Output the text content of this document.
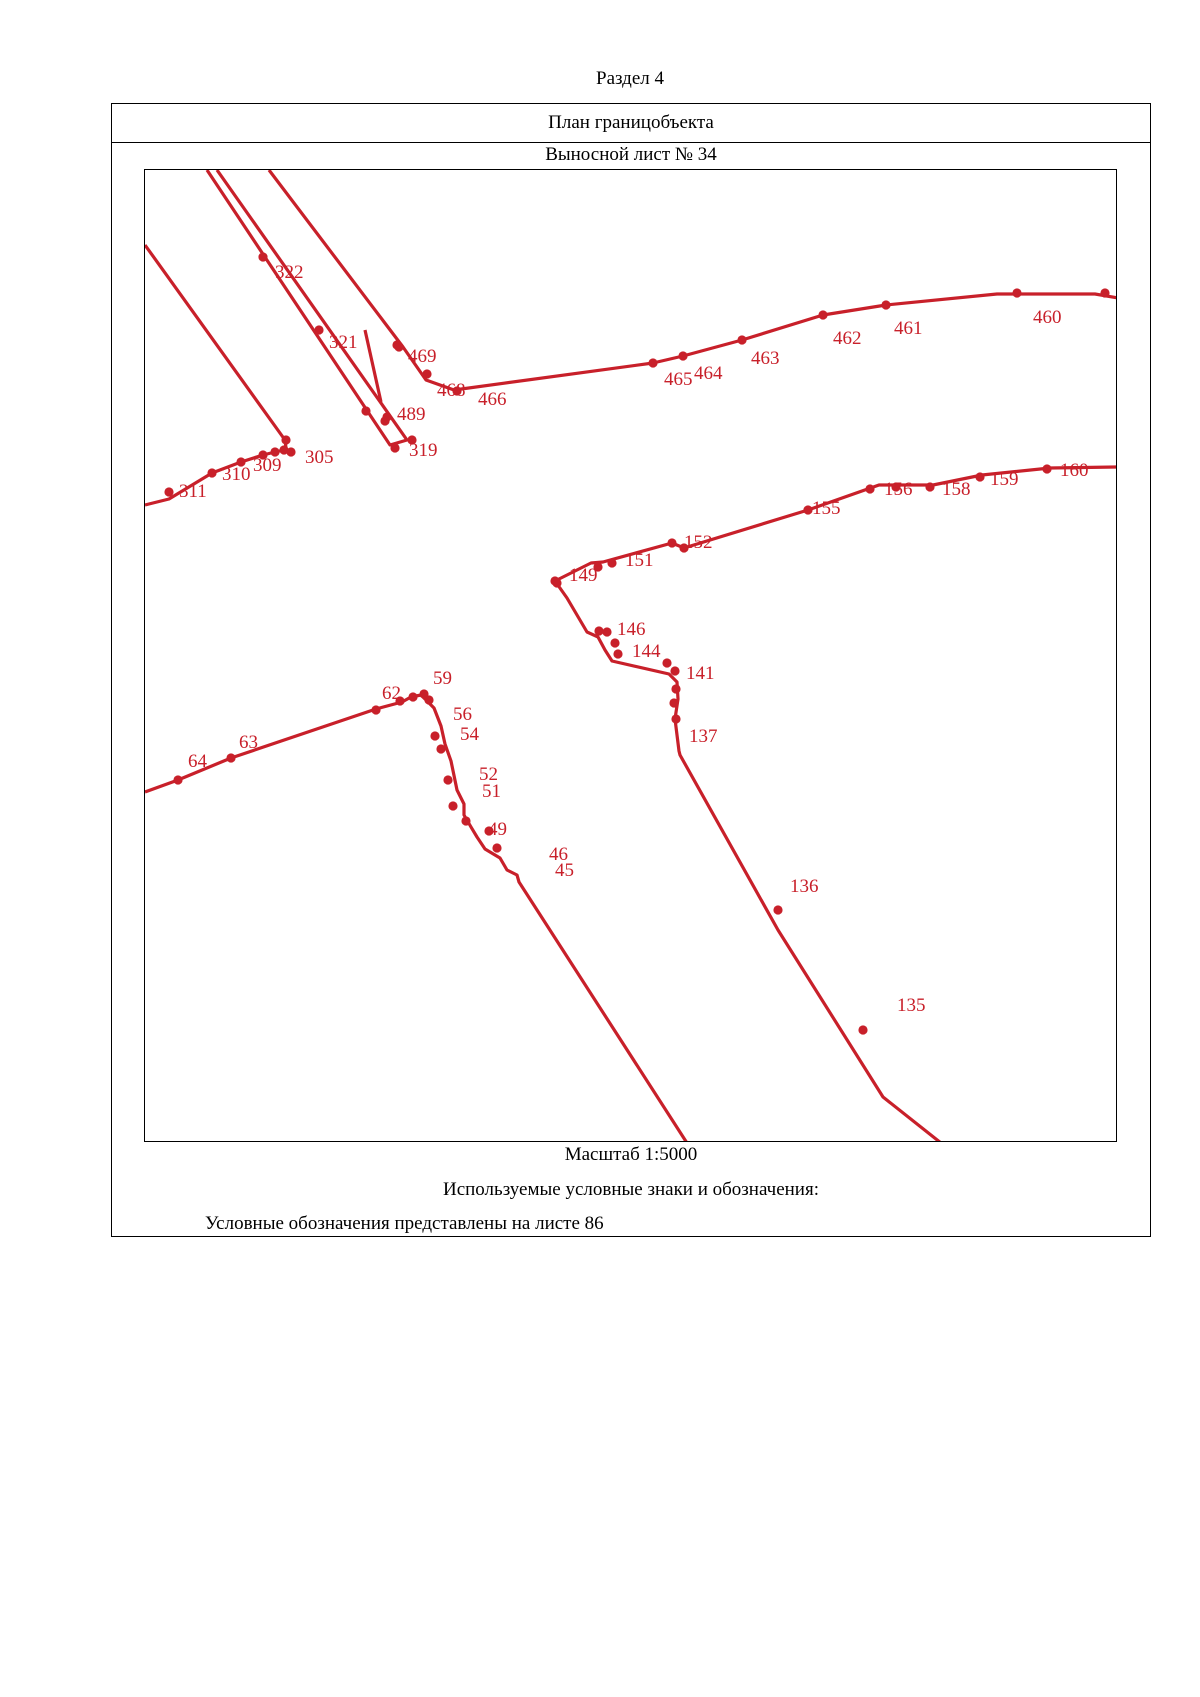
Раздел 4
План границобъекта
Выносной лист № 34
322
321
469
468 466
489
319
465 464
463
462 461
460
305
309
310
311
149
151
152
155
156 158 159 160
146
144
141
137
136
135
59
56
54
52
51
49
46
45
62
63
64
Масштаб 1:5000
Используемые условные знаки и обозначения:
Условные обозначения представлены на листе 86
